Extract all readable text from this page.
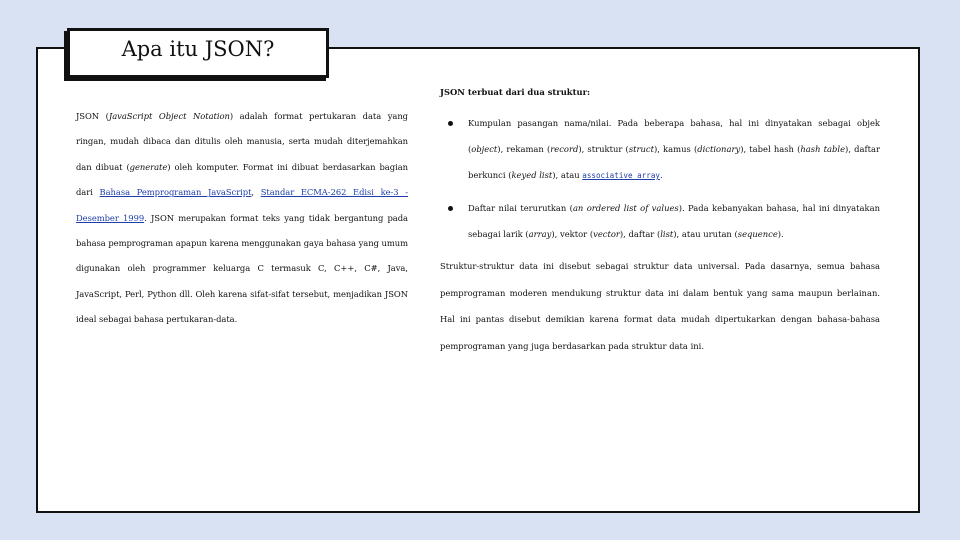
Apa itu JSON?
JSON (JavaScript Object Notation) adalah format pertukaran data yang ringan, mudah dibaca dan ditulis oleh manusia, serta mudah diterjemahkan dan dibuat (generate) oleh komputer. Format ini dibuat berdasarkan bagian dari Bahasa Pemprograman JavaScript, Standar ECMA-262 Edisi ke-3 - Desember 1999. JSON merupakan format teks yang tidak bergantung pada bahasa pemprograman apapun karena menggunakan gaya bahasa yang umum digunakan oleh programmer keluarga C termasuk C, C++, C#, Java, JavaScript, Perl, Python dll. Oleh karena sifat-sifat tersebut, menjadikan JSON ideal sebagai bahasa pertukaran-data.
JSON terbuat dari dua struktur:
Kumpulan pasangan nama/nilai. Pada beberapa bahasa, hal ini dinyatakan sebagai objek (object), rekaman (record), struktur (struct), kamus (dictionary), tabel hash (hash table), daftar berkunci (keyed list), atau associative array.
Daftar nilai terurutkan (an ordered list of values). Pada kebanyakan bahasa, hal ini dinyatakan sebagai larik (array), vektor (vector), daftar (list), atau urutan (sequence).
Struktur-struktur data ini disebut sebagai struktur data universal. Pada dasarnya, semua bahasa pemprograman moderen mendukung struktur data ini dalam bentuk yang sama maupun berlainan. Hal ini pantas disebut demikian karena format data mudah dipertukarkan dengan bahasa-bahasa pemprograman yang juga berdasarkan pada struktur data ini.
